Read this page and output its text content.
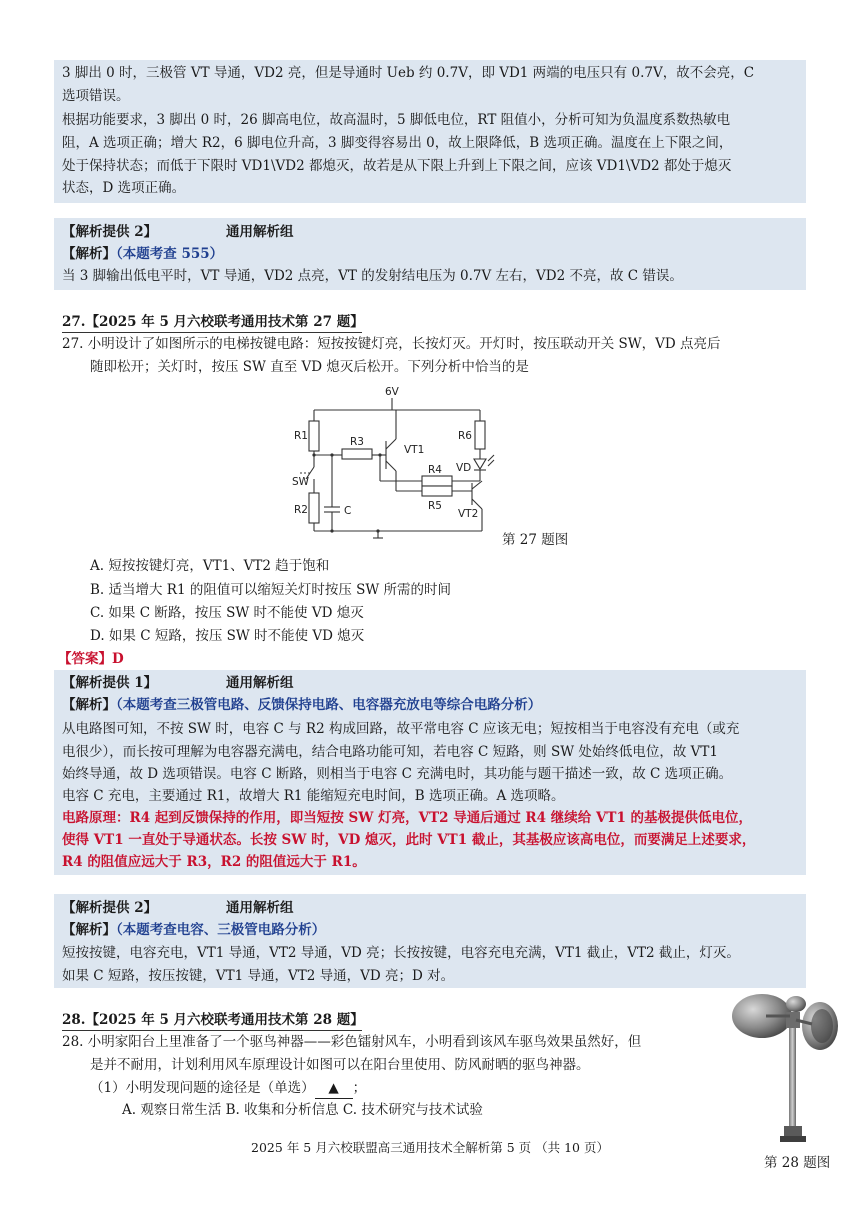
3 脚出 0 时，三极管 VT 导通，VD2 亮，但是导通时 Ueb 约 0.7V，即 VD1 两端的电压只有 0.7V，故不会亮，C
选项错误。
根据功能要求，3 脚出 0 时，26 脚高电位，故高温时，5 脚低电位，RT 阻值小，分析可知为负温度系数热敏电
阻，A 选项正确；增大 R2，6 脚电位升高，3 脚变得容易出 0，故上限降低，B 选项正确。温度在上下限之间，
处于保持状态；而低于下限时 VD1\VD2 都熄灭，故若是从下限上升到上下限之间，应该 VD1\VD2 都处于熄灭
状态，D 选项正确。
【解析提供 2】	通用解析组
【解析】（本题考查 555）
当 3 脚输出低电平时，VT 导通，VD2 点亮，VT 的发射结电压为 0.7V 左右，VD2 不亮，故 C 错误。
27.【2025 年 5 月六校联考通用技术第 27 题】
27. 小明设计了如图所示的电梯按键电路：短按按键灯亮，长按灯灭。开灯时，按压联动开关 SW，VD 点亮后
随即松开；关灯时，按压 SW 直至 VD 熄灭后松开。下列分析中恰当的是
6V
R1	R3
VT1
R6
R4 VD
SW
R2	C	R5
VT2
第 27 题图
A. 短按按键灯亮，VT1、VT2 趋于饱和
B. 适当增大 R1 的阻值可以缩短关灯时按压 SW 所需的时间
C. 如果 C 断路，按压 SW 时不能使 VD 熄灭
D. 如果 C 短路，按压 SW 时不能使 VD 熄灭
【答案】D
【解析提供 1】	通用解析组
【解析】（本题考查三极管电路、反馈保持电路、电容器充放电等综合电路分析）
从电路图可知，不按 SW 时，电容 C 与 R2 构成回路，故平常电容 C 应该无电；短按相当于电容没有充电（或充
电很少），而长按可理解为电容器充满电，结合电路功能可知，若电容 C 短路，则 SW 处始终低电位，故 VT1
始终导通，故 D 选项错误。电容 C 断路，则相当于电容 C 充满电时，其功能与题干描述一致，故 C 选项正确。
电容 C 充电，主要通过 R1，故增大 R1 能缩短充电时间，B 选项正确。A 选项略。
电路原理：R4 起到反馈保持的作用，即当短按 SW 灯亮，VT2 导通后通过 R4 继续给 VT1 的基极提供低电位，
使得 VT1 一直处于导通状态。长按 SW 时，VD 熄灭，此时 VT1 截止，其基极应该高电位，而要满足上述要求，
R4 的阻值应远大于 R3，R2 的阻值远大于 R1。
【解析提供 2】	通用解析组
【解析】（本题考查电容、三极管电路分析）
短按按键，电容充电，VT1 导通，VT2 导通，VD 亮；长按按键，电容充电充满，VT1 截止，VT2 截止，灯灭。
如果 C 短路，按压按键，VT1 导通，VT2 导通，VD 亮；D 对。
28.【2025 年 5 月六校联考通用技术第 28 题】
28. 小明家阳台上里准备了一个驱鸟神器——彩色镭射风车，小明看到该风车驱鸟效果虽然好，但
是并不耐用，计划利用风车原理设计如图可以在阳台里使用、防风耐晒的驱鸟神器。
（1）小明发现问题的途径是（单选） ▲ ；
A. 观察日常生活 B. 收集和分析信息 C. 技术研究与技术试验
第 28 题图
2025 年 5 月六校联盟高三通用技术全解析第 5 页 （共 10 页）
